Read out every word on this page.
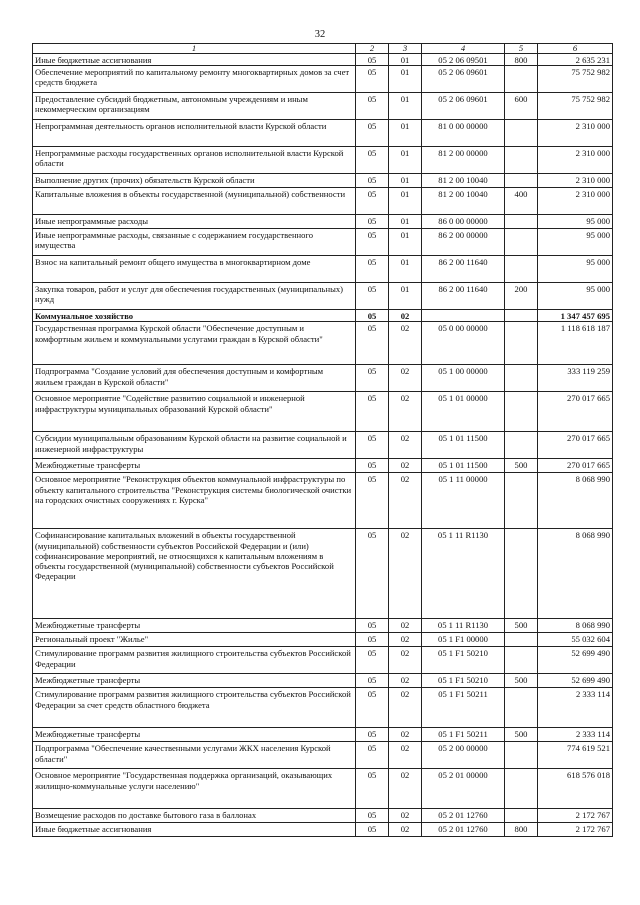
32
1	2	3	4	5	6
Иные бюджетные ассигнования	05	01	05 2 06 09501	800	2 635 231
Обеспечение мероприятий по капитальному ремонту многоквартирных домов за счет средств бюджета	05	01	05 2 06 09601		75 752 982
Предоставление субсидий бюджетным, автономным учреждениям и иным некоммерческим организациям	05	01	05 2 06 09601	600	75 752 982
Непрограммная деятельность органов исполнительной власти Курской области	05	01	81 0 00 00000		2 310 000
Непрограммные расходы государственных органов исполнительной власти Курской области	05	01	81 2 00 00000		2 310 000
Выполнение других (прочих) обязательств Курской области	05	01	81 2 00 10040		2 310 000
Капитальные вложения в объекты государственной (муниципальной) собственности	05	01	81 2 00 10040	400	2 310 000
Иные непрограммные расходы	05	01	86 0 00 00000		95 000
Иные непрограммные расходы, связанные с содержанием государственного имущества	05	01	86 2 00 00000		95 000
Взнос на капитальный ремонт общего имущества в многоквартирном доме	05	01	86 2 00 11640		95 000
Закупка товаров, работ и услуг для обеспечения государственных (муниципальных) нужд	05	01	86 2 00 11640	200	95 000
Коммунальное хозяйство	05	02			1 347 457 695
Государственная программа Курской области "Обеспечение доступным и комфортным жильем и коммунальными услугами граждан в Курской области"	05	02	05 0 00 00000		1 118 618 187
Подпрограмма "Создание условий для обеспечения доступным и комфортным жильем граждан в Курской области"	05	02	05 1 00 00000		333 119 259
Основное мероприятие "Содействие развитию социальной и инженерной инфраструктуры муниципальных образований Курской области"	05	02	05 1 01 00000		270 017 665
Субсидии муниципальным образованиям Курской области на развитие социальной и инженерной инфраструктуры	05	02	05 1 01 11500		270 017 665
Межбюджетные трансферты	05	02	05 1 01 11500	500	270 017 665
Основное мероприятие "Реконструкция объектов коммунальной инфраструктуры по объекту капитального строительства "Реконструкция системы биологической очистки на городских очистных сооружениях г. Курска"	05	02	05 1 11 00000		8 068 990
Софинансирование капитальных вложений в объекты государственной (муниципальной) собственности субъектов Российской Федерации и (или) софинансирование мероприятий, не относящихся к капитальным вложениям в объекты государственной (муниципальной) собственности субъектов Российской Федерации	05	02	05 1 11 R1130		8 068 990
Межбюджетные трансферты	05	02	05 1 11 R1130	500	8 068 990
Региональный проект "Жилье"	05	02	05 1 F1 00000		55 032 604
Стимулирование программ развития жилищного строительства субъектов Российской Федерации	05	02	05 1 F1 50210		52 699 490
Межбюджетные трансферты	05	02	05 1 F1 50210	500	52 699 490
Стимулирование программ развития жилищного строительства субъектов Российской Федерации за счет средств областного бюджета	05	02	05 1 F1 50211		2 333 114
Межбюджетные трансферты	05	02	05 1 F1 50211	500	2 333 114
Подпрограмма "Обеспечение качественными услугами ЖКХ населения Курской области"	05	02	05 2 00 00000		774 619 521
Основное мероприятие "Государственная поддержка организаций, оказывающих жилищно-коммунальные услуги населению"	05	02	05 2 01 00000		618 576 018
Возмещение расходов по доставке бытового газа в баллонах	05	02	05 2 01 12760		2 172 767
Иные бюджетные ассигнования	05	02	05 2 01 12760	800	2 172 767
